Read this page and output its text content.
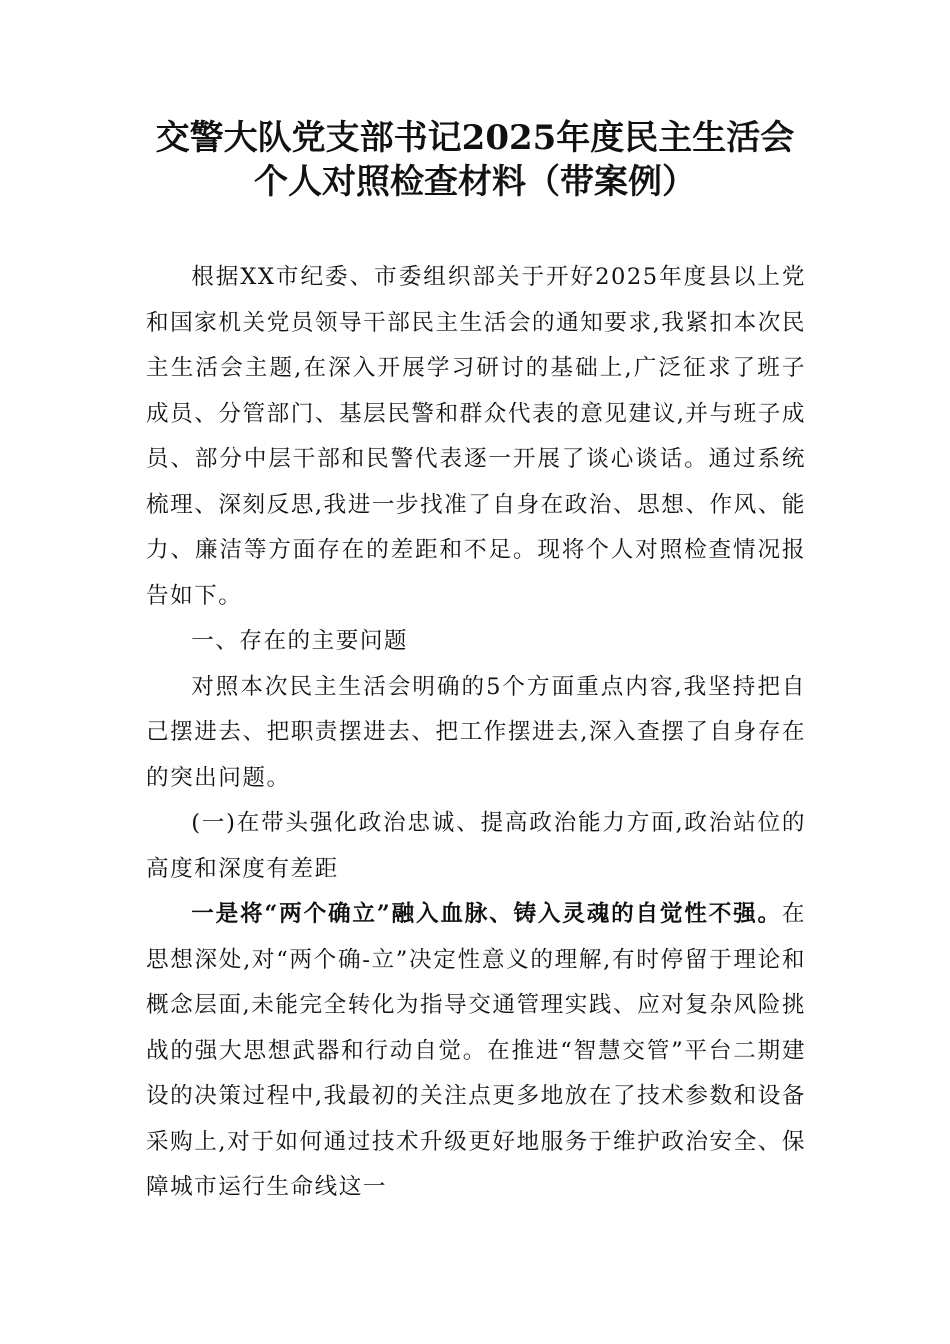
交警大队党支部书记2025年度民主生活会
个人对照检查材料（带案例）

根据XX市纪委、市委组织部关于开好2025年度县以上党和国家机关党员领导干部民主生活会的通知要求,我紧扣本次民主生活会主题,在深入开展学习研讨的基础上,广泛征求了班子成员、分管部门、基层民警和群众代表的意见建议,并与班子成员、部分中层干部和民警代表逐一开展了谈心谈话。通过系统梳理、深刻反思,我进一步找准了自身在政治、思想、作风、能力、廉洁等方面存在的差距和不足。现将个人对照检查情况报告如下。

一、存在的主要问题

对照本次民主生活会明确的5个方面重点内容,我坚持把自己摆进去、把职责摆进去、把工作摆进去,深入查摆了自身存在的突出问题。

(一)在带头强化政治忠诚、提高政治能力方面,政治站位的高度和深度有差距

一是将“两个确立”融入血脉、铸入灵魂的自觉性不强。在思想深处,对“两个确-立”决定性意义的理解,有时停留于理论和概念层面,未能完全转化为指导交通管理实践、应对复杂风险挑战的强大思想武器和行动自觉。在推进“智慧交管”平台二期建设的决策过程中,我最初的关注点更多地放在了技术参数和设备采购上,对于如何通过技术升级更好地服务于维护政治安全、保障城市运行生命线这一
